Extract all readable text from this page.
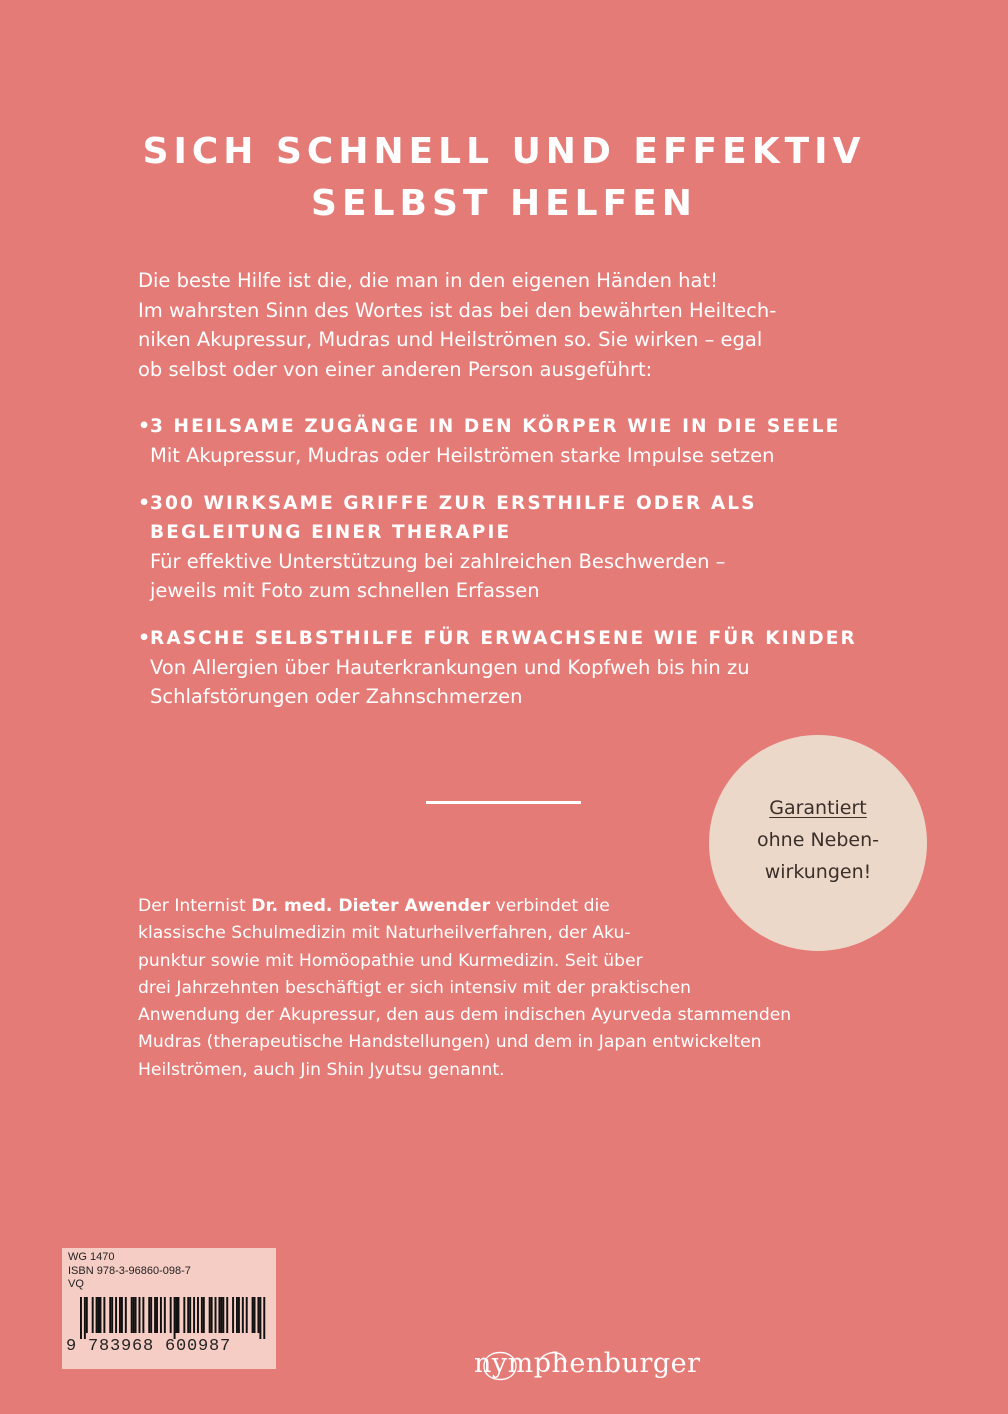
SICH SCHNELL UND EFFEKTIV
SELBST HELFEN
Die beste Hilfe ist die, die man in den eigenen Händen hat!
Im wahrsten Sinn des Wortes ist das bei den bewährten Heiltech-
niken Akupressur, Mudras und Heilströmen so. Sie wirken – egal
ob selbst oder von einer anderen Person ausgeführt:
• 3 HEILSAME ZUGÄNGE IN DEN KÖRPER WIE IN DIE SEELE
Mit Akupressur, Mudras oder Heilströmen starke Impulse setzen
• 300 WIRKSAME GRIFFE ZUR ERSTHILFE ODER ALS
BEGLEITUNG EINER THERAPIE
Für effektive Unterstützung bei zahlreichen Beschwerden –
jeweils mit Foto zum schnellen Erfassen
• RASCHE SELBSTHILFE FÜR ERWACHSENE WIE FÜR KINDER
Von Allergien über Hauterkrankungen und Kopfweh bis hin zu
Schlafstörungen oder Zahnschmerzen
Garantiert
ohne Neben-
wirkungen!
Der Internist Dr. med. Dieter Awender verbindet die
klassische Schulmedizin mit Naturheilverfahren, der Aku-
punktur sowie mit Homöopathie und Kurmedizin. Seit über
drei Jahrzehnten beschäftigt er sich intensiv mit der praktischen
Anwendung der Akupressur, den aus dem indischen Ayurveda stammenden
Mudras (therapeutische Handstellungen) und dem in Japan entwickelten
Heilströmen, auch Jin Shin Jyutsu genannt.
WG 1470
ISBN 978-3-96860-098-7
VQ
9 783968 600987
nymphenburger
